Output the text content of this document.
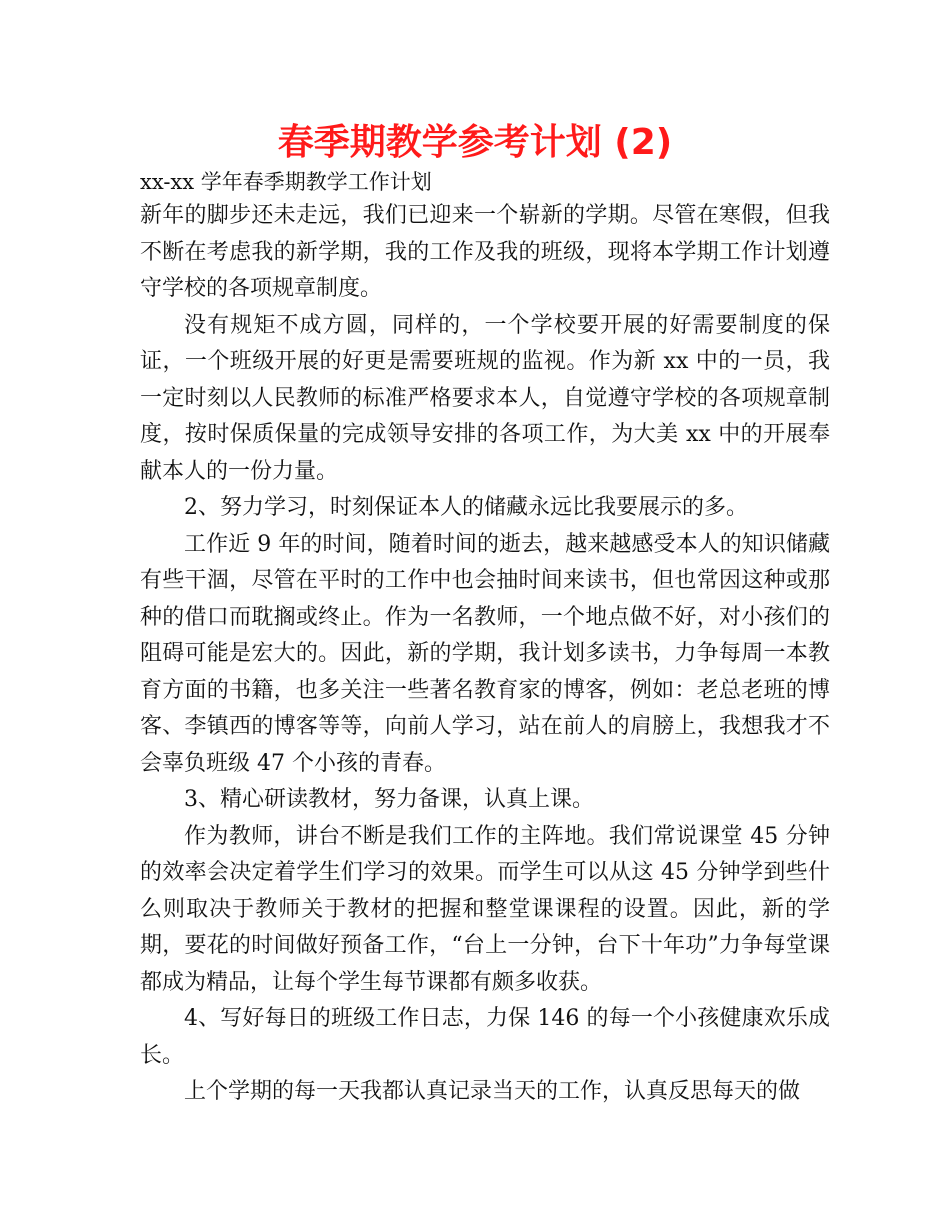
春季期教学参考计划 (2)

xx-xx 学年春季期教学工作计划

新年的脚步还未走远，我们已迎来一个崭新的学期。尽管在寒假，但我不断在考虑我的新学期，我的工作及我的班级，现将本学期工作计划遵守学校的各项规章制度。

没有规矩不成方圆，同样的，一个学校要开展的好需要制度的保证，一个班级开展的好更是需要班规的监视。作为新 xx 中的一员，我一定时刻以人民教师的标准严格要求本人，自觉遵守学校的各项规章制度，按时保质保量的完成领导安排的各项工作，为大美 xx 中的开展奉献本人的一份力量。

2、努力学习，时刻保证本人的储藏永远比我要展示的多。

工作近 9 年的时间，随着时间的逝去，越来越感受本人的知识储藏有些干涸，尽管在平时的工作中也会抽时间来读书，但也常因这种或那种的借口而耽搁或终止。作为一名教师，一个地点做不好，对小孩们的阻碍可能是宏大的。因此，新的学期，我计划多读书，力争每周一本教育方面的书籍，也多关注一些著名教育家的博客，例如：老总老班的博客、李镇西的博客等等，向前人学习，站在前人的肩膀上，我想我才不会辜负班级 47 个小孩的青春。

3、精心研读教材，努力备课，认真上课。

作为教师，讲台不断是我们工作的主阵地。我们常说课堂 45 分钟的效率会决定着学生们学习的效果。而学生可以从这 45 分钟学到些什么则取决于教师关于教材的把握和整堂课课程的设置。因此，新的学期，要花的时间做好预备工作，“台上一分钟，台下十年功”力争每堂课都成为精品，让每个学生每节课都有颇多收获。

4、写好每日的班级工作日志，力保 146 的每一个小孩健康欢乐成长。

上个学期的每一天我都认真记录当天的工作，认真反思每天的做
